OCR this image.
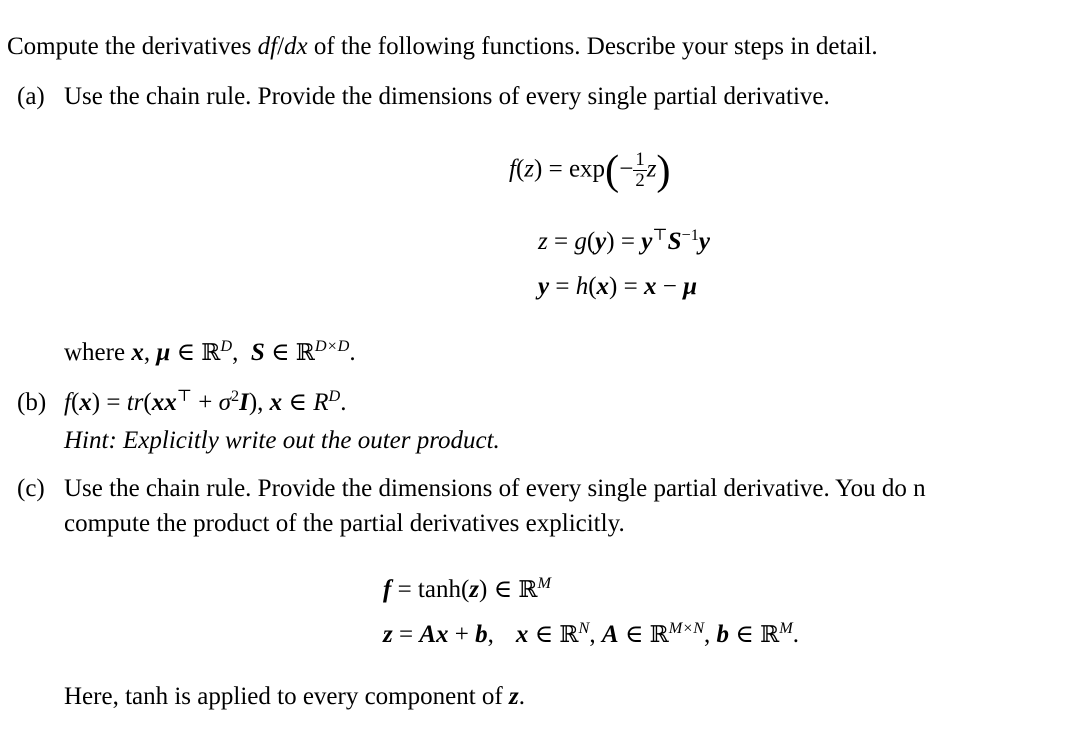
Compute the derivatives df/dx of the following functions. Describe your steps in detail.
(a) Use the chain rule. Provide the dimensions of every single partial derivative.
$f(z) = \exp(- \frac{1}{2} z)$
$z = g(y) = y^⊤S^{-1}y$
y = h(x) = x − μ
where x, μ ∈ ℝ$^D$,  S ∈ ℝ$^{D\times D}$.
(b) $f(x) = tr(xx^⊤ + \sigma^2I)$, x ∈ $R^D$.
Hint: Explicitly write out the outer product.
(c) Use the chain rule. Provide the dimensions of every single partial derivative. You do n
compute the product of the partial derivatives explicitly.
f = tanh(z) ∈ ℝ$^M$
z = Ax + b, x ∈ ℝ$^N$, A ∈ ℝ$^{M\times N}$, b ∈ ℝ$^M$.
Here, tanh is applied to every component of z.
